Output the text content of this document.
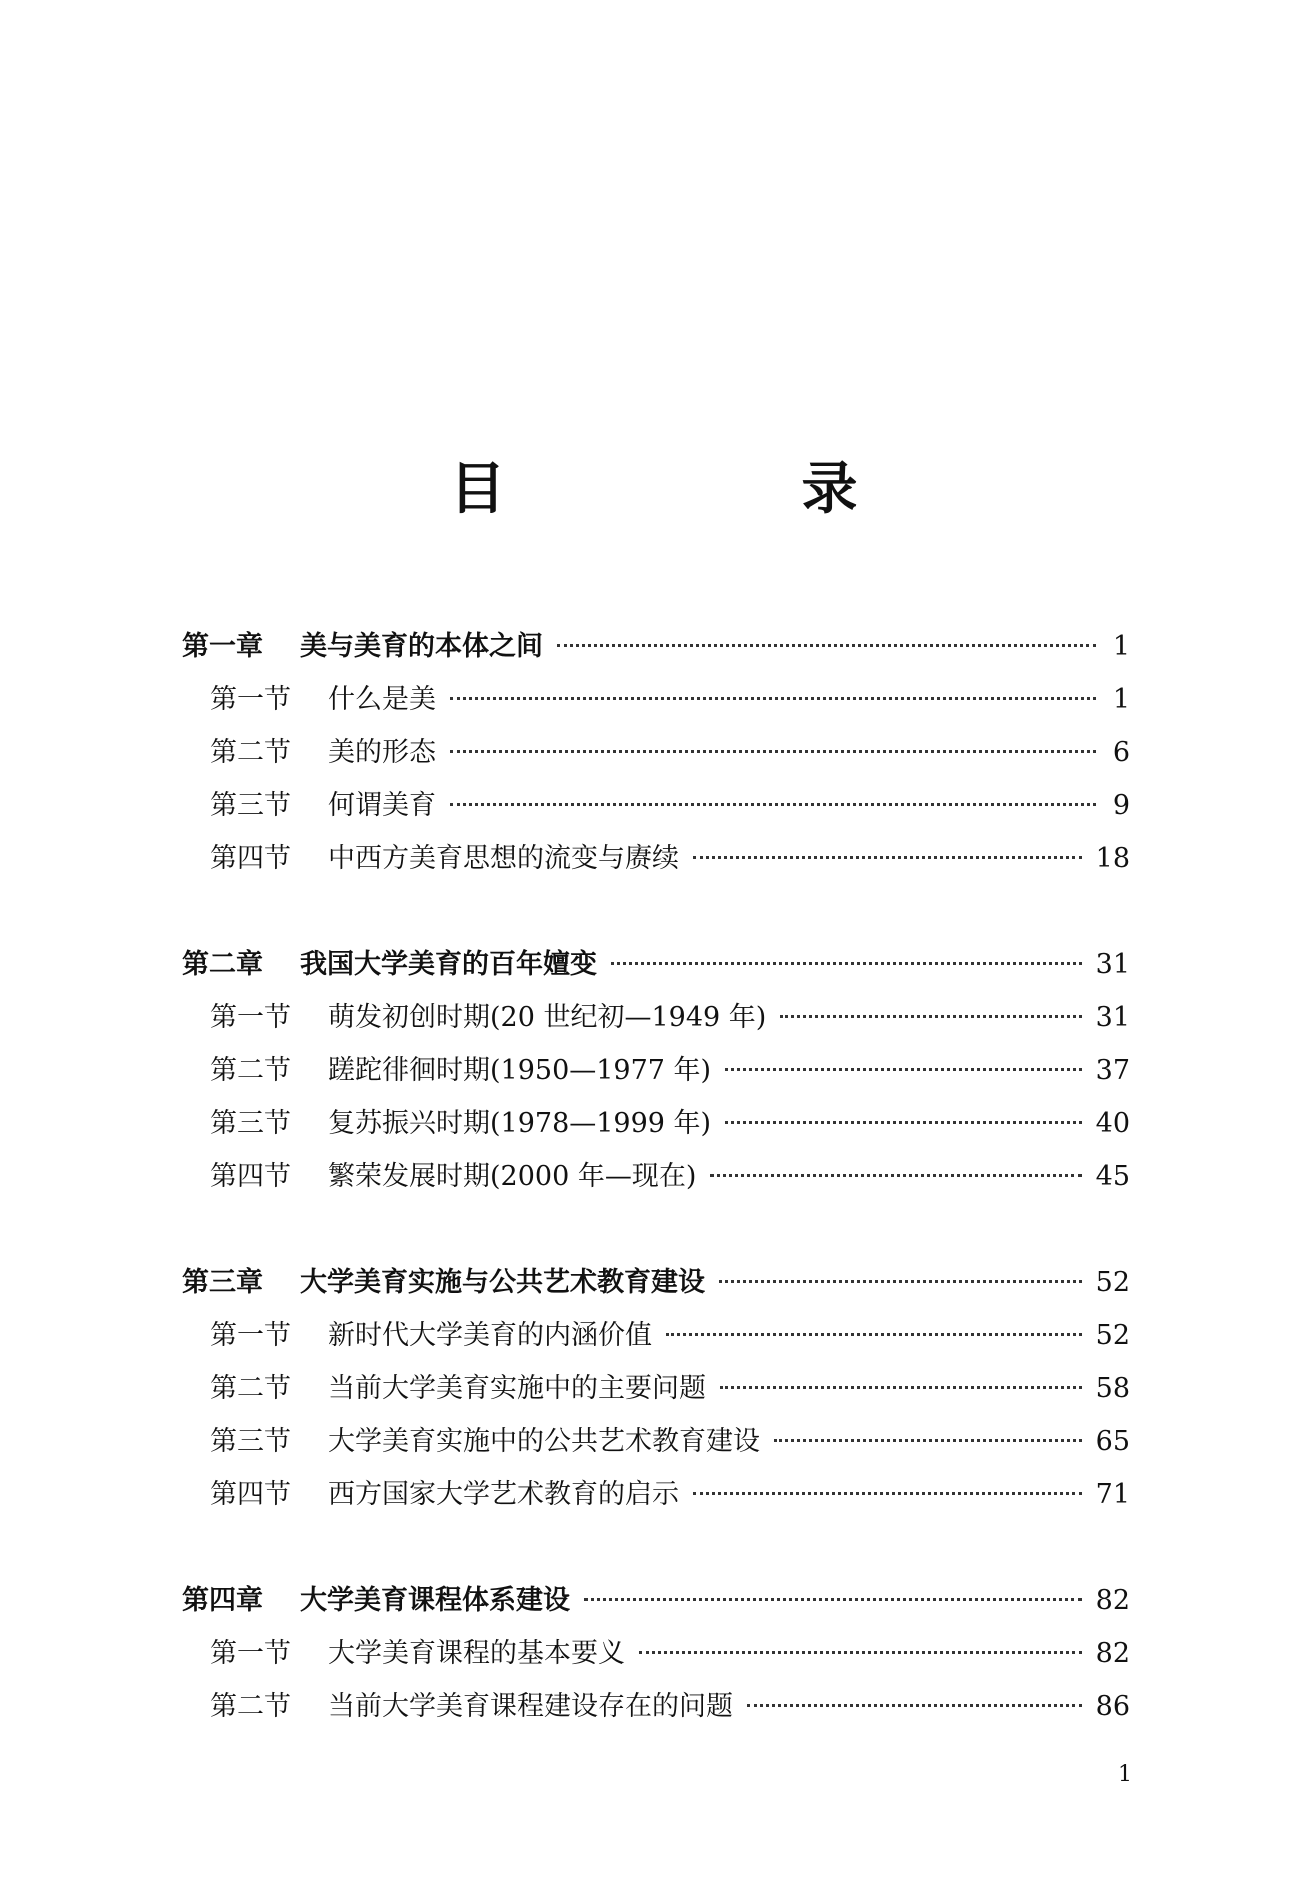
目　录
第一章	美与美育的本体之间	1
第一节	什么是美	1
第二节	美的形态	6
第三节	何谓美育	9
第四节	中西方美育思想的流变与赓续	18
第二章	我国大学美育的百年嬗变	31
第一节	萌发初创时期(20 世纪初—1949 年)	31
第二节	蹉跎徘徊时期(1950—1977 年)	37
第三节	复苏振兴时期(1978—1999 年)	40
第四节	繁荣发展时期(2000 年—现在)	45
第三章	大学美育实施与公共艺术教育建设	52
第一节	新时代大学美育的内涵价值	52
第二节	当前大学美育实施中的主要问题	58
第三节	大学美育实施中的公共艺术教育建设	65
第四节	西方国家大学艺术教育的启示	71
第四章	大学美育课程体系建设	82
第一节	大学美育课程的基本要义	82
第二节	当前大学美育课程建设存在的问题	86
1
